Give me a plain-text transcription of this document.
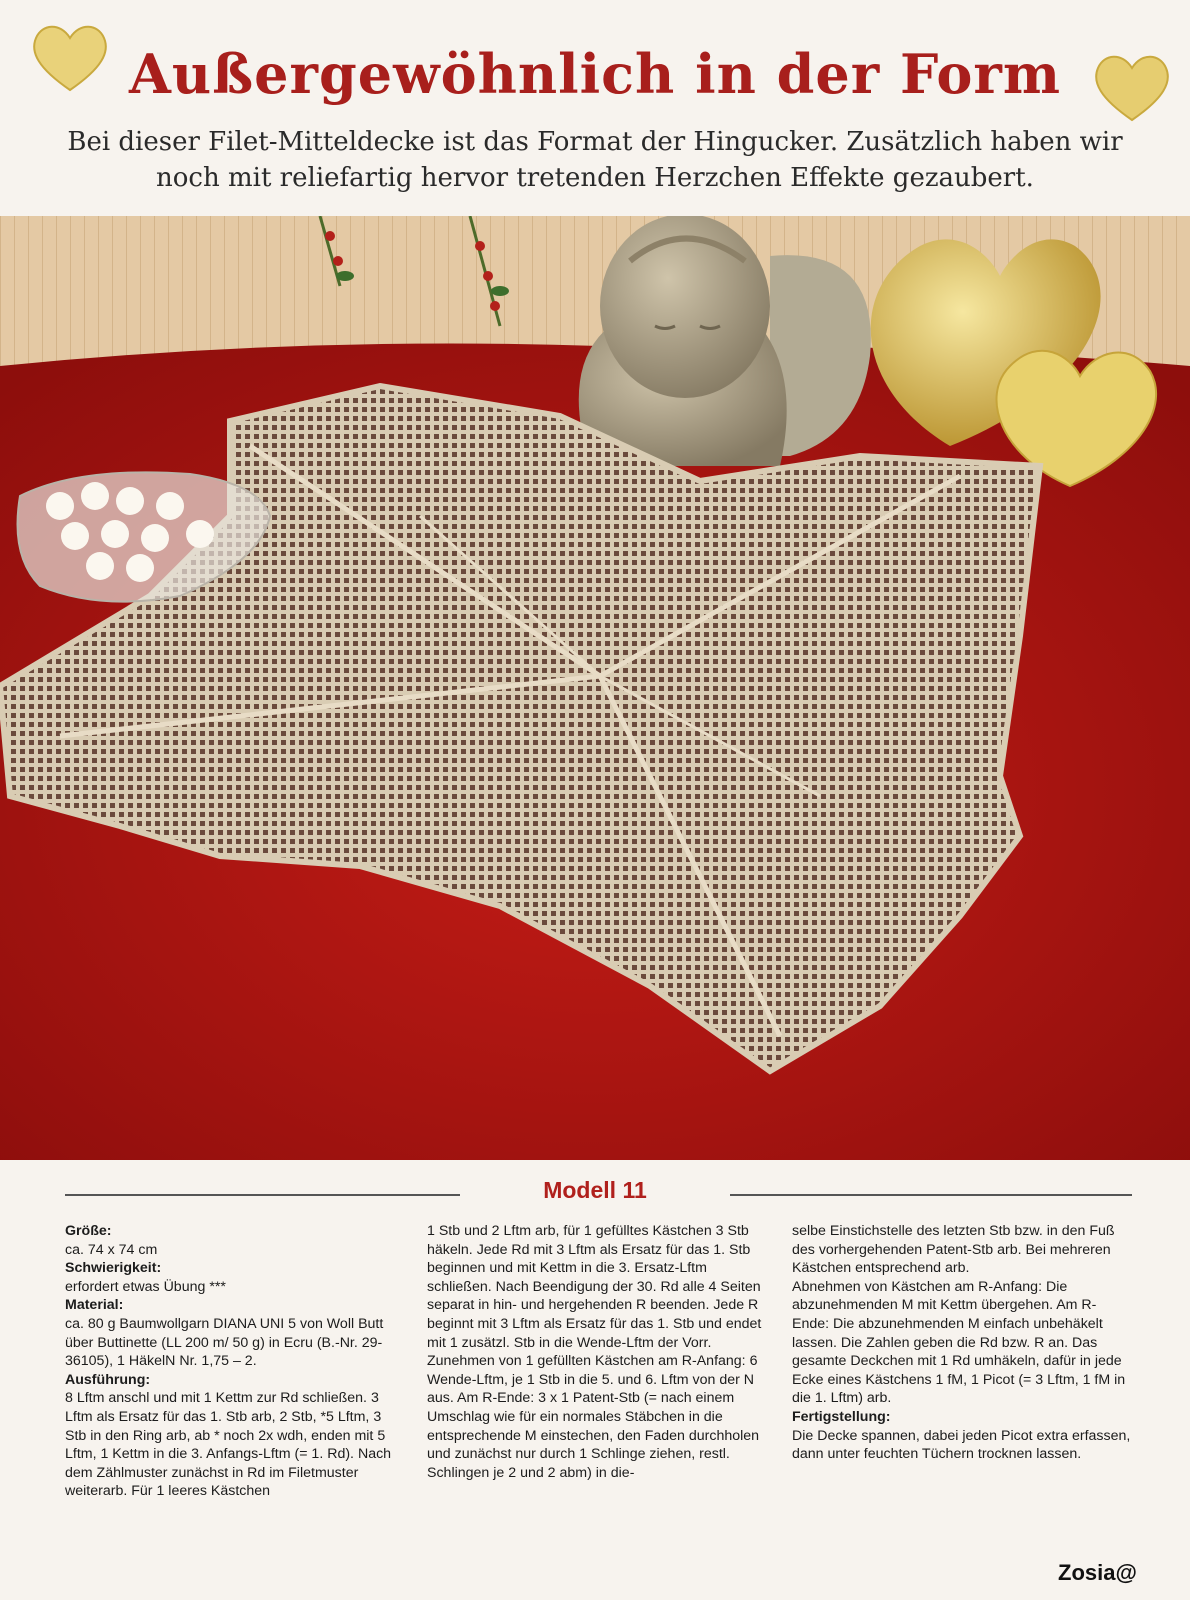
Außergewöhnlich in der Form

Bei dieser Filet-Mitteldecke ist das Format der Hingucker. Zusätzlich haben wir noch mit reliefartig hervor tretenden Herzchen Effekte gezaubert.

Modell 11

Größe:

ca. 74 x 74 cm

Schwierigkeit:

erfordert etwas Übung ***

Material:

ca. 80 g Baumwollgarn DIANA UNI 5 von Woll Butt über Buttinette (LL 200 m/ 50 g) in Ecru (B.-Nr. 29-36105), 1 HäkelN Nr. 1,75 – 2.

Ausführung:

8 Lftm anschl und mit 1 Kettm zur Rd schließen. 3 Lftm als Ersatz für das 1. Stb arb, 2 Stb, *5 Lftm, 3 Stb in den Ring arb, ab * noch 2x wdh, enden mit 5 Lftm, 1 Kettm in die 3. Anfangs-Lftm (= 1. Rd). Nach dem Zählmuster zunächst in Rd im Filetmuster weiterarb. Für 1 leeres Kästchen

1 Stb und 2 Lftm arb, für 1 gefülltes Kästchen 3 Stb häkeln. Jede Rd mit 3 Lftm als Ersatz für das 1. Stb beginnen und mit Kettm in die 3. Ersatz-Lftm schließen. Nach Beendigung der 30. Rd alle 4 Seiten separat in hin- und hergehenden R beenden. Jede R beginnt mit 3 Lftm als Ersatz für das 1. Stb und endet mit 1 zusätzl. Stb in die Wende-Lftm der Vorr.

Zunehmen von 1 gefüllten Kästchen am R-Anfang: 6 Wende-Lftm, je 1 Stb in die 5. und 6. Lftm von der N aus. Am R-Ende: 3 x 1 Patent-Stb (= nach einem Umschlag wie für ein normales Stäbchen in die entsprechende M einstechen, den Faden durchholen und zunächst nur durch 1 Schlinge ziehen, restl. Schlingen je 2 und 2 abm) in die-

selbe Einstichstelle des letzten Stb bzw. in den Fuß des vorhergehenden Patent-Stb arb. Bei mehreren Kästchen entsprechend arb.

Abnehmen von Kästchen am R-Anfang: Die abzunehmenden M mit Kettm übergehen. Am R-Ende: Die abzunehmenden M einfach unbehäkelt lassen. Die Zahlen geben die Rd bzw. R an. Das gesamte Deckchen mit 1 Rd umhäkeln, dafür in jede Ecke eines Kästchens 1 fM, 1 Picot (= 3 Lftm, 1 fM in die 1. Lftm) arb.

Fertigstellung:

Die Decke spannen, dabei jeden Picot extra erfassen, dann unter feuchten Tüchern trocknen lassen.

Zosia@
